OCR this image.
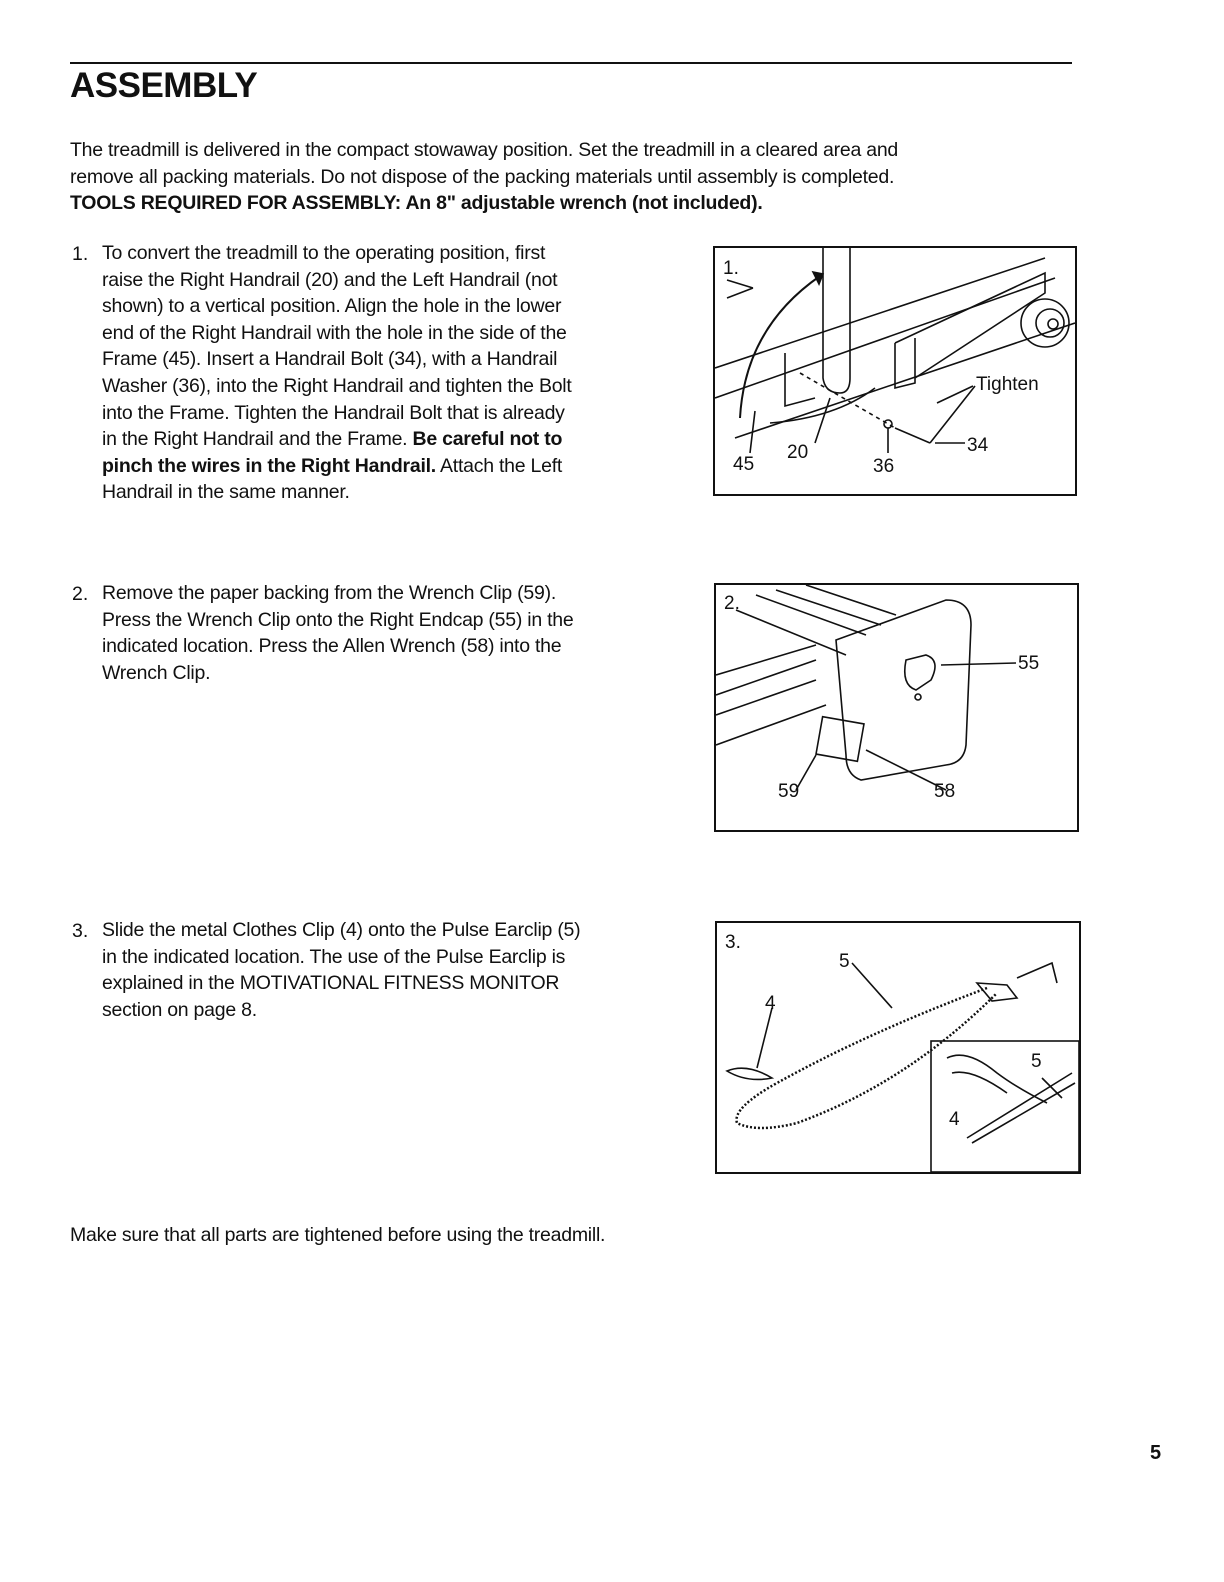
ASSEMBLY
The treadmill is delivered in the compact stowaway position. Set the treadmill in a cleared area and
remove all packing materials. Do not dispose of the packing materials until assembly is completed.
TOOLS REQUIRED FOR ASSEMBLY: An 8" adjustable wrench (not included).
1. To convert the treadmill to the operating position, first
raise the Right Handrail (20) and the Left Handrail (not
shown) to a vertical position. Align the hole in the lower
end of the Right Handrail with the hole in the side of the
Frame (45). Insert a Handrail Bolt (34), with a Handrail
Washer (36), into the Right Handrail and tighten the Bolt
into the Frame. Tighten the Handrail Bolt that is already
in the Right Handrail and the Frame. Be careful not to
pinch the wires in the Right Handrail. Attach the Left
Handrail in the same manner.
2. Remove the paper backing from the Wrench Clip (59).
Press the Wrench Clip onto the Right Endcap (55) in the
indicated location. Press the Allen Wrench (58) into the
Wrench Clip.
3. Slide the metal Clothes Clip (4) onto the Pulse Earclip (5)
in the indicated location. The use of the Pulse Earclip is
explained in the MOTIVATIONAL FITNESS MONITOR
section on page 8.
1.
45
20
36
34
Tighten
2.
55
59	58
3.
5
4
5
4
Make sure that all parts are tightened before using the treadmill.
5
